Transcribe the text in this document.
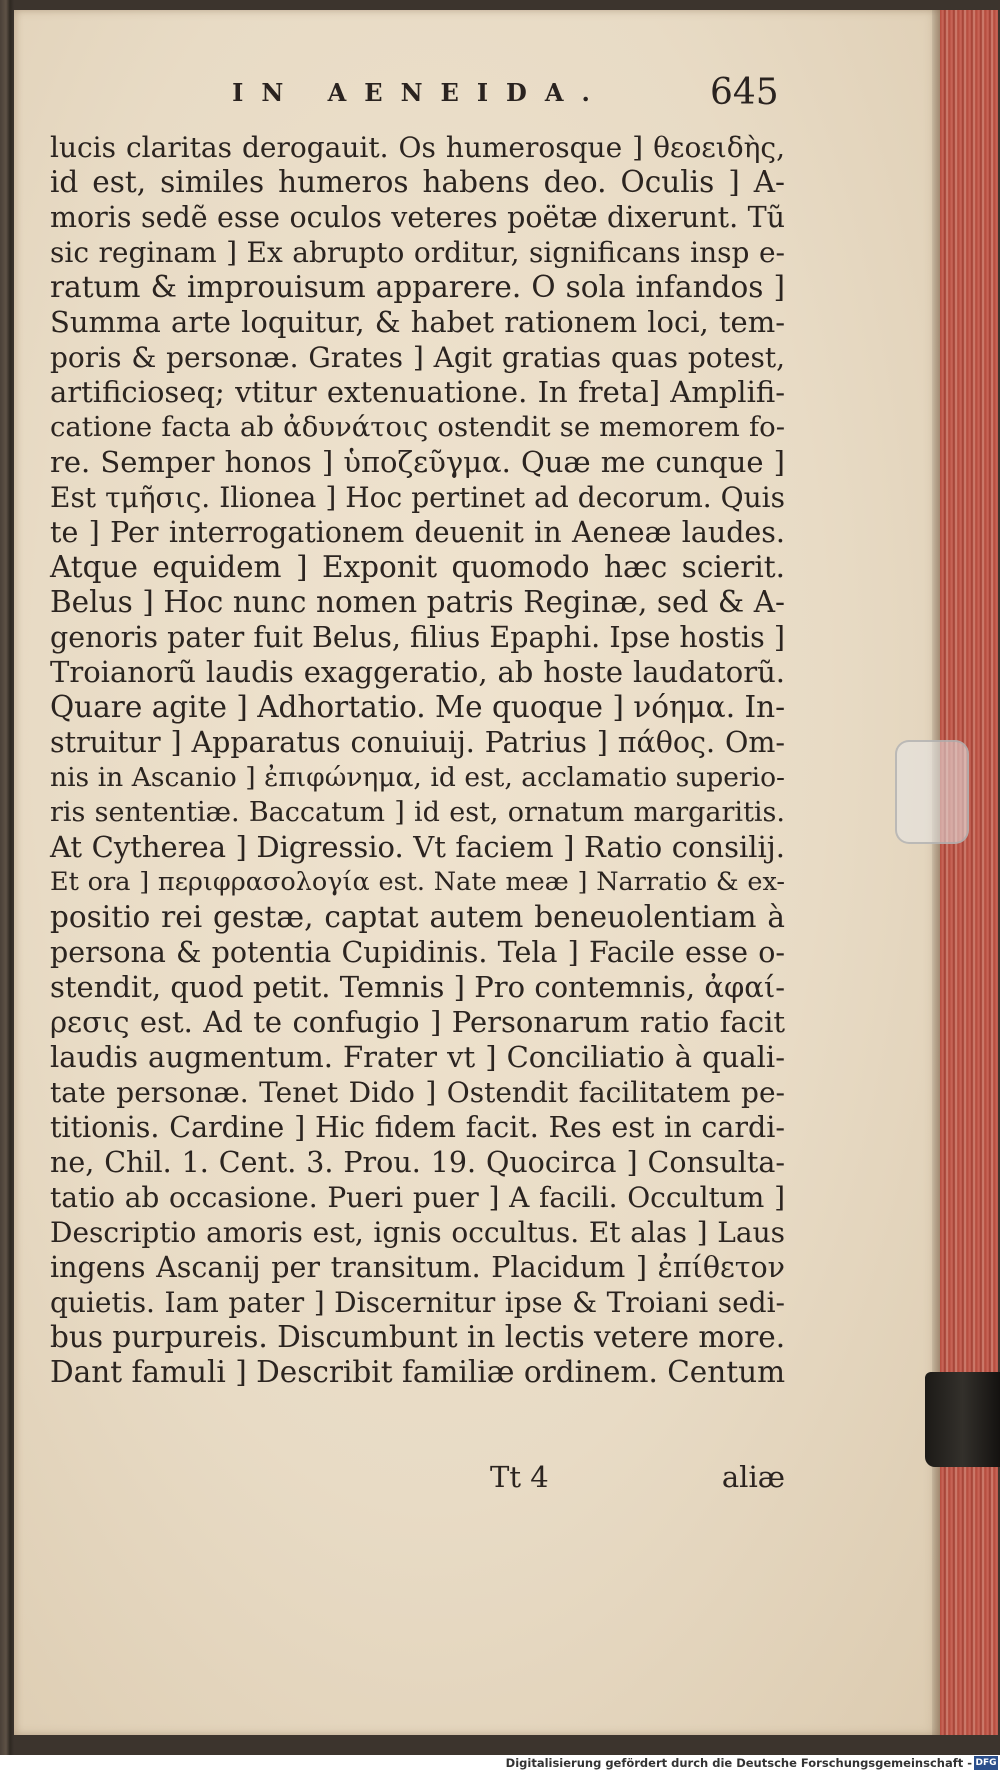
IN AENEIDA.	645
lucis claritas derogauit. Os humerosque ] θεοειδὴς,
id est, similes humeros habens deo. Oculis ] A-
moris sedẽ esse oculos veteres poëtæ dixerunt. Tũ
sic reginam ] Ex abrupto orditur, significans insp e-
ratum & improuisum apparere. O sola infandos ]
Summa arte loquitur, & habet rationem loci, tem-
poris & personæ. Grates ] Agit gratias quas potest,
artificioseq; vtitur extenuatione. In freta] Amplifi-
catione facta ab ἀδυνάτοις ostendit se memorem fo-
re. Semper honos ] ὑποζεῦγμα. Quæ me cunque ]
Est τμῆσις. Ilionea ] Hoc pertinet ad decorum. Quis
te ] Per interrogationem deuenit in Aeneæ laudes.
Atque equidem ] Exponit quomodo hæc scierit.
Belus ] Hoc nunc nomen patris Reginæ, sed & A-
genoris pater fuit Belus, filius Epaphi. Ipse hostis ]
Troianorũ laudis exaggeratio, ab hoste laudatorũ.
Quare agite ] Adhortatio. Me quoque ] νόημα. In-
struitur ] Apparatus conuiuij. Patrius ] πάθος. Om-
nis in Ascanio ] ἐπιφώνημα, id est, acclamatio superio-
ris sententiæ. Baccatum ] id est, ornatum margaritis.
At Cytherea ] Digressio. Vt faciem ] Ratio consilij.
Et ora ] περιφρασολογία est. Nate meæ ] Narratio & ex-
positio rei gestæ, captat autem beneuolentiam à
persona & potentia Cupidinis. Tela ] Facile esse o-
stendit, quod petit. Temnis ] Pro contemnis, ἀφαί-
ρεσις est. Ad te confugio ] Personarum ratio facit
laudis augmentum. Frater vt ] Conciliatio à quali-
tate personæ. Tenet Dido ] Ostendit facilitatem pe-
titionis. Cardine ] Hic fidem facit. Res est in cardi-
ne, Chil. 1. Cent. 3. Prou. 19. Quocirca ] Consulta-
tatio ab occasione. Pueri puer ] A facili. Occultum ]
Descriptio amoris est, ignis occultus. Et alas ] Laus
ingens Ascanij per transitum. Placidum ] ἐπίθετον
quietis. Iam pater ] Discernitur ipse & Troiani sedi-
bus purpureis. Discumbunt in lectis vetere more.
Dant famuli ] Describit familiæ ordinem. Centum
Tt 4	aliæ
Digitalisierung gefördert durch die Deutsche Forschungsgemeinschaft - DFG
